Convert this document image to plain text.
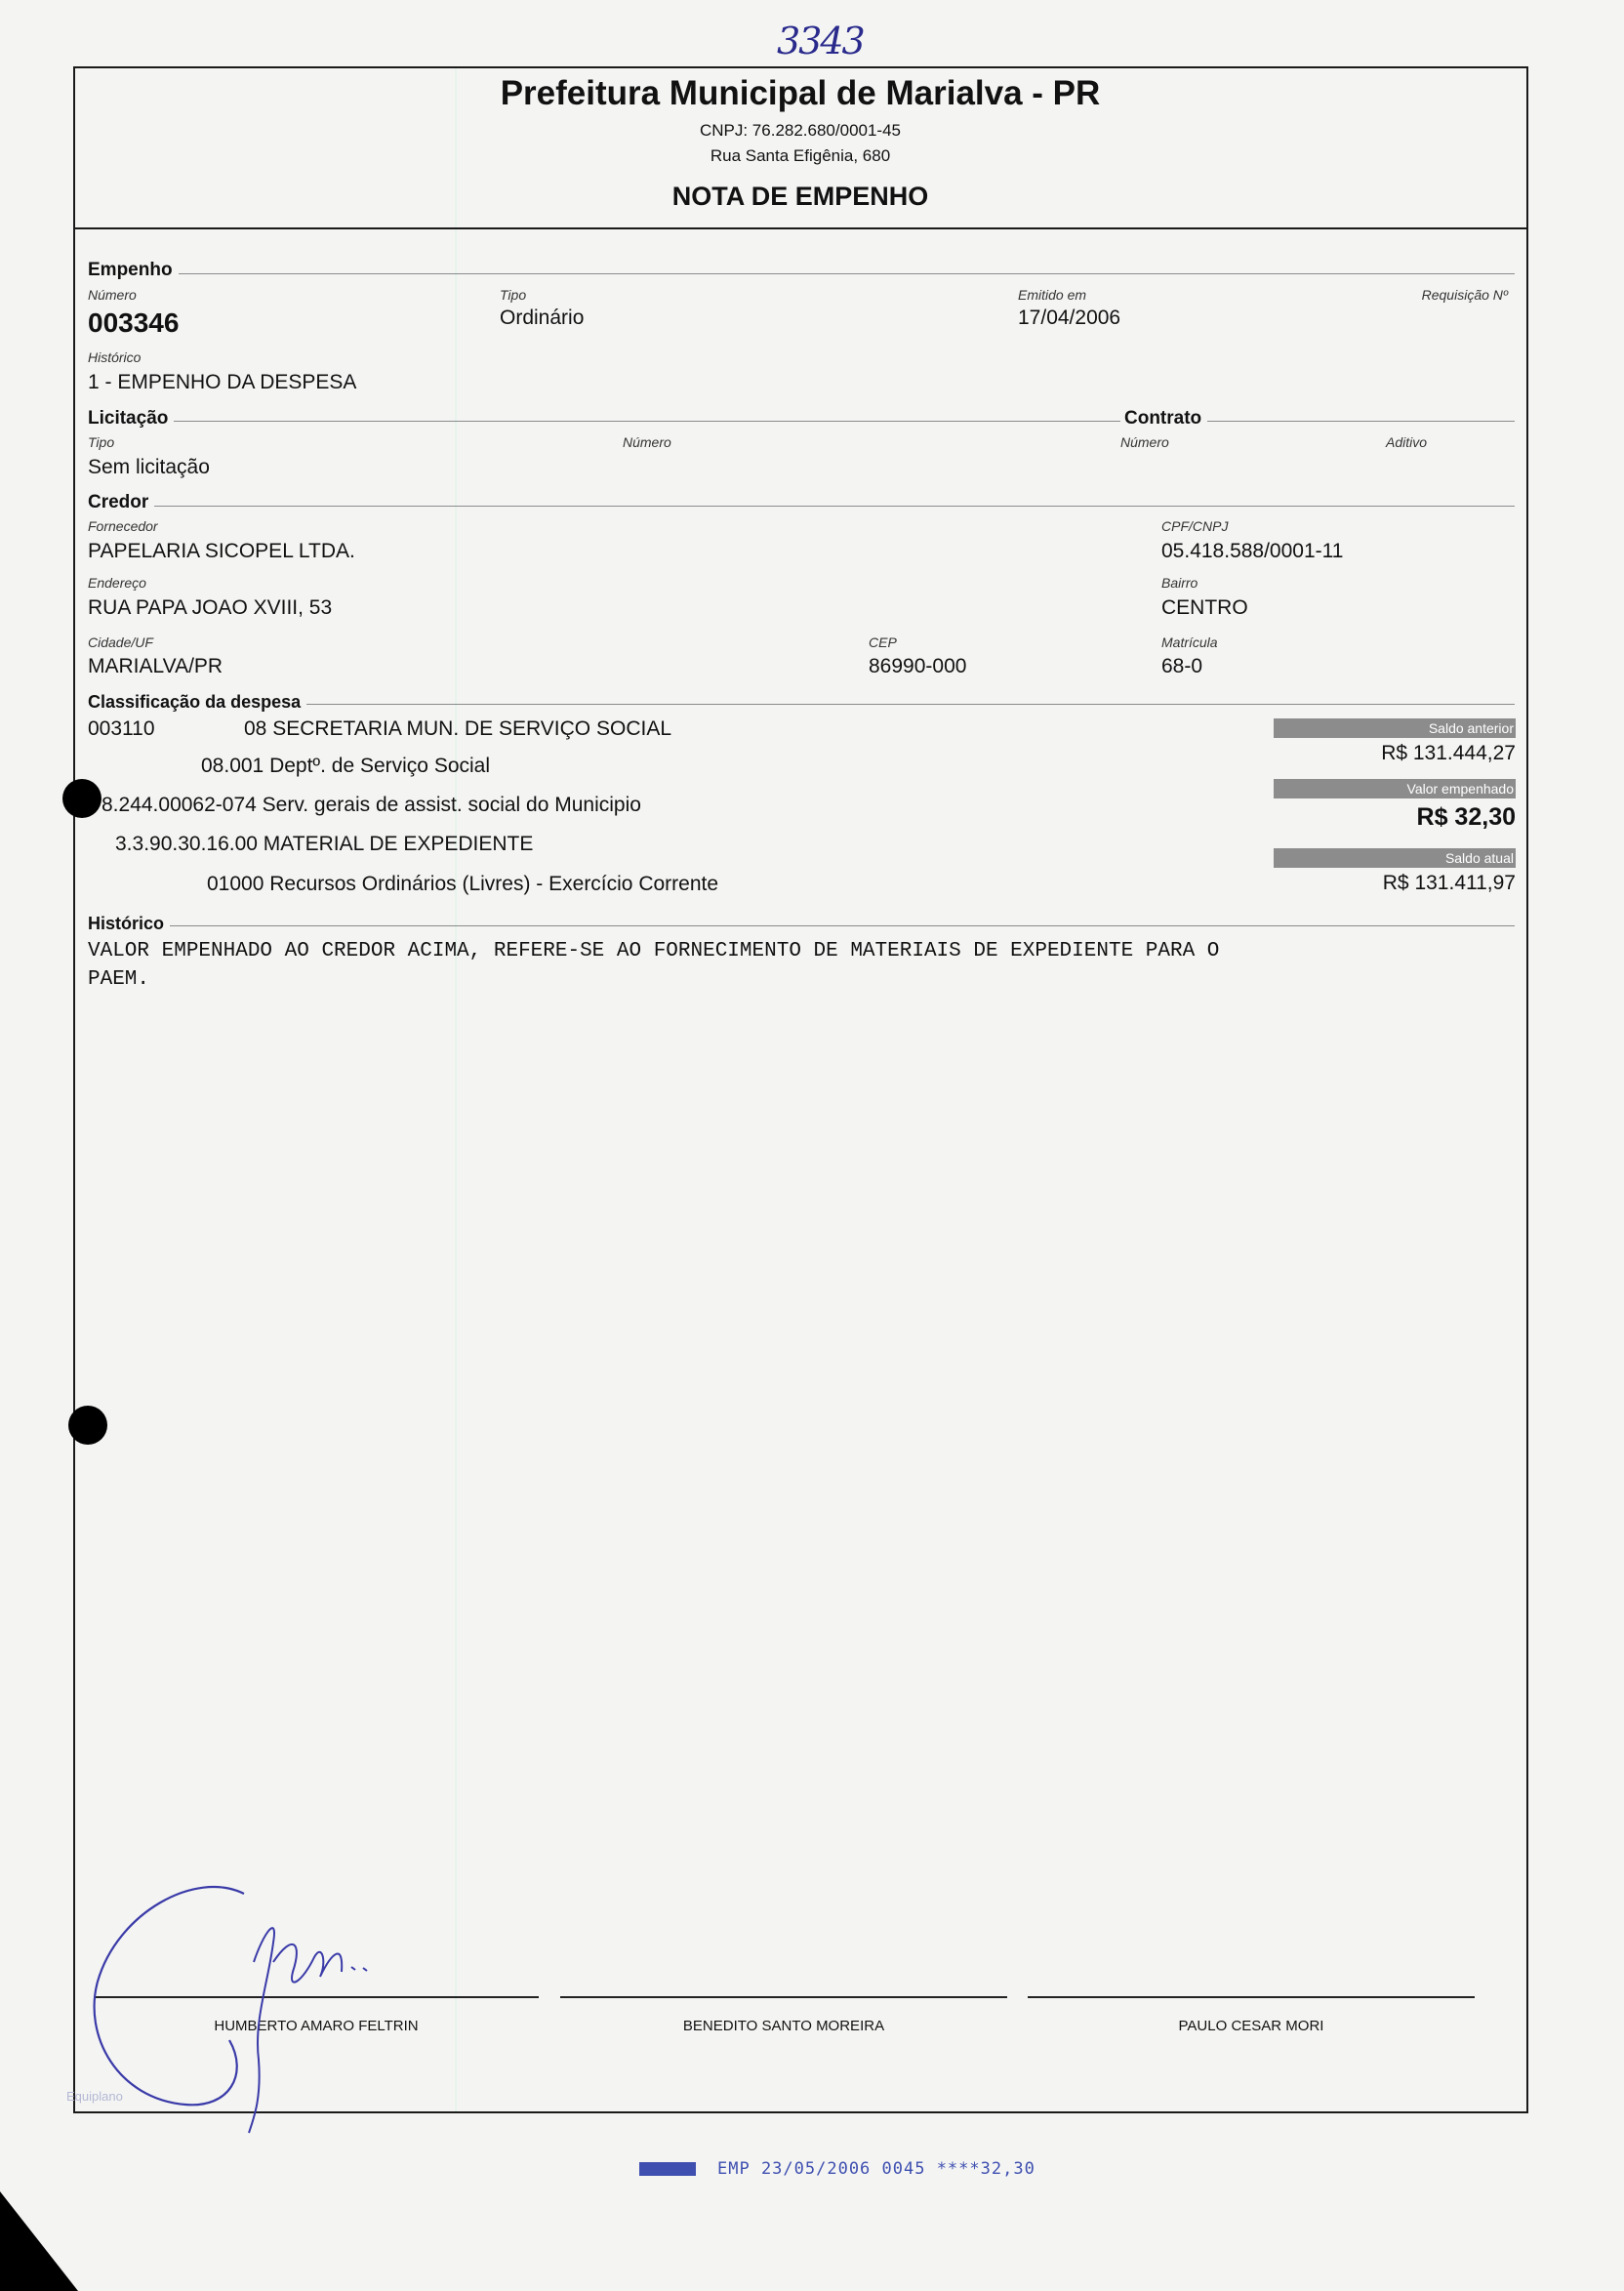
3343
Prefeitura Municipal de Marialva - PR
CNPJ: 76.282.680/0001-45
Rua Santa Efigênia, 680
NOTA DE EMPENHO
Empenho
Número
003346
Tipo
Ordinário
Emitido em
17/04/2006
Requisição Nº
Histórico
1 - EMPENHO DA DESPESA
Licitação	Contrato
Tipo
Sem licitação
Número	Número	Aditivo
Credor
Fornecedor
PAPELARIA SICOPEL LTDA.
CPF/CNPJ
05.418.588/0001-11
Endereço
RUA PAPA JOAO XVIII, 53
Bairro
CENTRO
Cidade/UF
MARIALVA/PR
CEP
86990-000
Matrícula
68-0
Classificação da despesa
003110	08 SECRETARIA MUN. DE SERVIÇO SOCIAL
08.001 Deptº. de Serviço Social
8.244.00062-074 Serv. gerais de assist. social do Municipio
3.3.90.30.16.00 MATERIAL DE EXPEDIENTE
01000 Recursos Ordinários (Livres) - Exercício Corrente
Saldo anterior
R$ 131.444,27
Valor empenhado
R$ 32,30
Saldo atual
R$ 131.411,97
Histórico
VALOR EMPENHADO AO CREDOR ACIMA, REFERE-SE AO FORNECIMENTO DE MATERIAIS DE EXPEDIENTE PARA O
PAEM.
HUMBERTO AMARO FELTRIN	BENEDITO SANTO MOREIRA	PAULO CESAR MORI
Equiplano
EMP 23/05/2006 0045 ****32,30
